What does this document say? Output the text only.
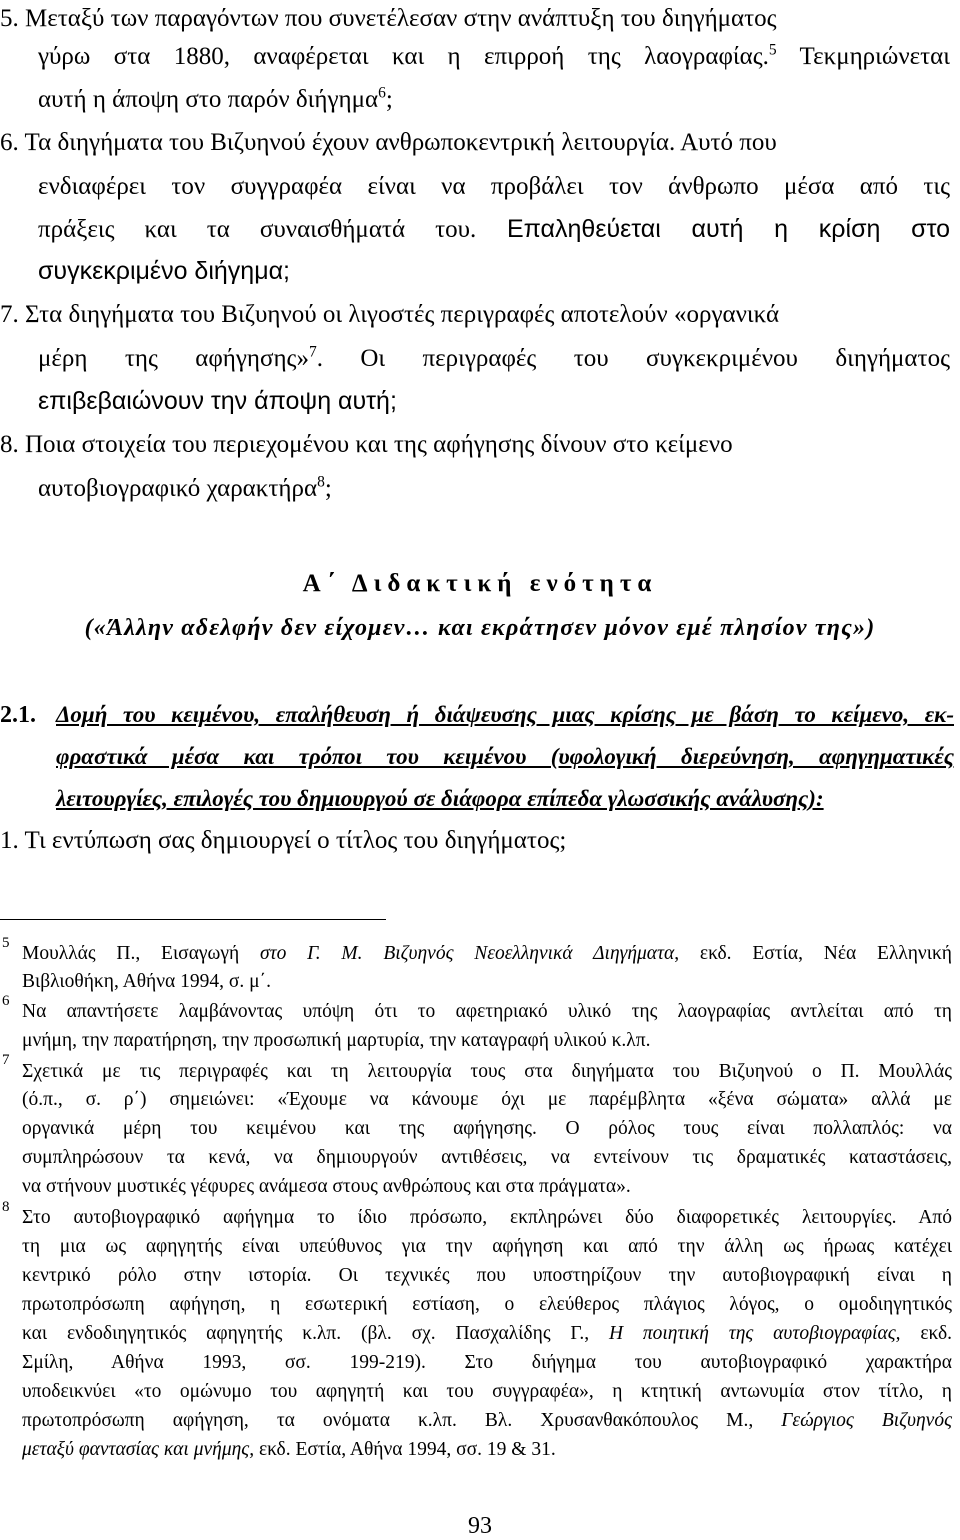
5. Μεταξύ των παραγόντων που συνετέλεσαν στην ανάπτυξη του διηγήματος
γύρω στα 1880, αναφέρεται και η επιρροή της λαογραφίας.$^5$ Τεκμηριώνεται
αυτή η άποψη στο παρόν διήγημα$^6$;
6. Τα διηγήματα του Βιζυηνού έχουν ανθρωποκεντρική λειτουργία. Αυτό που
ενδιαφέρει τον συγγραφέα είναι να προβάλει τον άνθρωπο μέσα από τις
πράξεις και τα συναισθήματά του. Επαληθεύεται αυτή η κρίση στο
συγκεκριμένο διήγημα;
7. Στα διηγήματα του Βιζυηνού οι λιγοστές περιγραφές αποτελούν «οργανικά
μέρη της αφήγησης»$^7$. Οι περιγραφές του συγκεκριμένου διηγήματος
επιβεβαιώνουν την άποψη αυτή;
8. Ποια στοιχεία του περιεχομένου και της αφήγησης δίνουν στο κείμενο
αυτοβιογραφικό χαρακτήρα$^8$;
Α΄ Διδακτική ενότητα
(«Άλλην αδελφήν δεν είχομεν… και εκράτησεν μόνον εμέ πλησίον της»)
2.1. Δομή του κειμένου, επαλήθευση ή διάψευσης μιας κρίσης με βάση το κείμενο, εκ-
φραστικά μέσα και τρόποι του κειμένου (υφολογική διερεύνηση, αφηγηματικές
λειτουργίες, επιλογές του δημιουργού σε διάφορα επίπεδα γλωσσικής ανάλυσης):
1. Τι εντύπωση σας δημιουργεί ο τίτλος του διηγήματος;
5 Μουλλάς Π., Εισαγωγή στο Γ. Μ. Βιζυηνός Νεοελληνικά Διηγήματα, εκδ. Εστία, Νέα Ελληνική
Βιβλιοθήκη, Αθήνα 1994, σ. μ΄.
6 Να απαντήσετε λαμβάνοντας υπόψη ότι το αφετηριακό υλικό της λαογραφίας αντλείται από τη
μνήμη, την παρατήρηση, την προσωπική μαρτυρία, την καταγραφή υλικού κ.λπ.
7
Σχετικά με τις περιγραφές και τη λειτουργία τους στα διηγήματα του Βιζυηνού ο Π. Μουλλάς
(ό.π., σ. ρ΄) σημειώνει: «Έχουμε να κάνουμε όχι με παρέμβλητα «ξένα σώματα» αλλά με
οργανικά μέρη του κειμένου και της αφήγησης. Ο ρόλος τους είναι πολλαπλός: να
συμπληρώσουν τα κενά, να δημιουργούν αντιθέσεις, να εντείνουν τις δραματικές καταστάσεις,
να στήνουν μυστικές γέφυρες ανάμεσα στους ανθρώπους και στα πράγματα».
8 Στο αυτοβιογραφικό αφήγημα το ίδιο πρόσωπο, εκπληρώνει δύο διαφορετικές λειτουργίες. Από
τη μια ως αφηγητής είναι υπεύθυνος για την αφήγηση και από την άλλη ως ήρωας κατέχει
κεντρικό ρόλο στην ιστορία. Οι τεχνικές που υποστηρίζουν την αυτοβιογραφική είναι η
πρωτοπρόσωπη αφήγηση, η εσωτερική εστίαση, ο ελεύθερος πλάγιος λόγος, ο ομοδιηγητικός
και ενδοδιηγητικός αφηγητής κ.λπ. (βλ. σχ. Πασχαλίδης Γ., Η ποιητική της αυτοβιογραφίας, εκδ.
Σμίλη, Αθήνα 1993, σσ. 199-219). Στο διήγημα του αυτοβιογραφικό χαρακτήρα
υποδεικνύει «το ομώνυμο του αφηγητή και του συγγραφέα», η κτητική αντωνυμία στον τίτλο, η
πρωτοπρόσωπη αφήγηση, τα ονόματα κ.λπ. Βλ. Χρυσανθακόπουλος Μ., Γεώργιος Βιζυηνός
μεταξύ φαντασίας και μνήμης, εκδ. Εστία, Αθήνα 1994, σσ. 19 & 31.
93
